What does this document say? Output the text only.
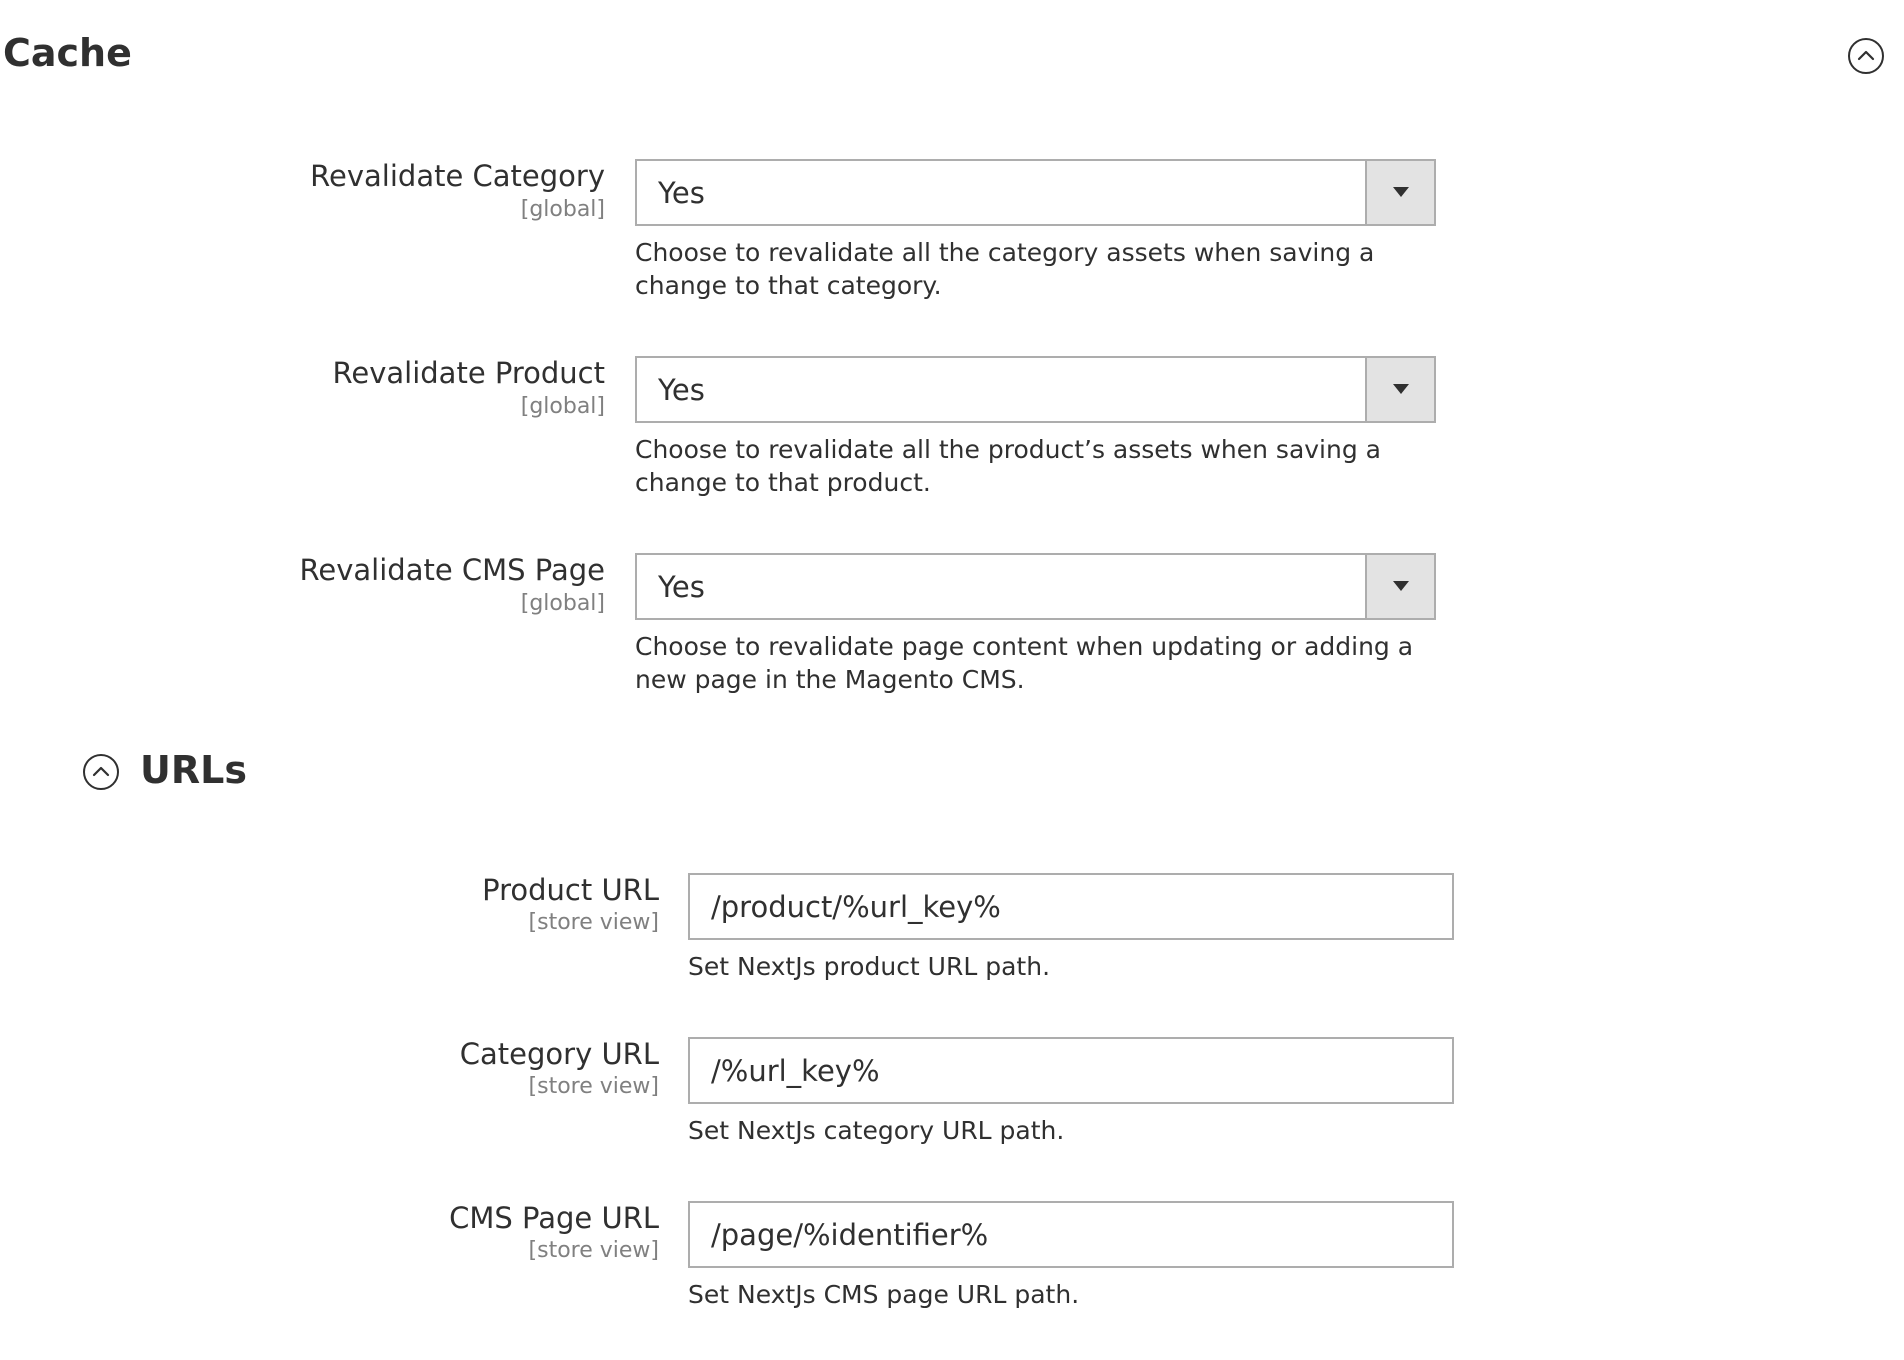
Cache
Revalidate Category
[global] Yes
Choose to revalidate all the category assets when saving a change to that category.
Revalidate Product
[global] Yes
Choose to revalidate all the product’s assets when saving a change to that product.
Revalidate CMS Page
[global] Yes
Choose to revalidate page content when updating or adding a new page in the Magento CMS.
URLs
Product URL
[store view] /product/%url_key%
Set NextJs product URL path.
Category URL
[store view] /%url_key%
Set NextJs category URL path.
CMS Page URL
[store view] /page/%identifier%
Set NextJs CMS page URL path.
